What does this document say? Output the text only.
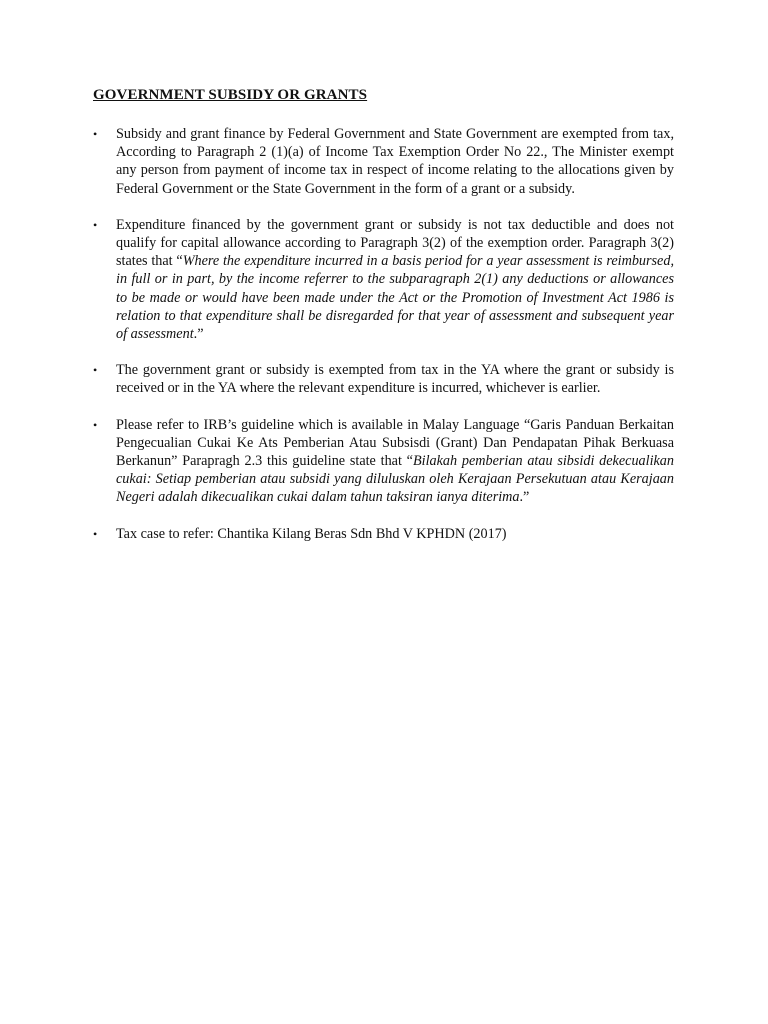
GOVERNMENT SUBSIDY OR GRANTS
•	Subsidy and grant finance by Federal Government and State Government are exempted from tax, According to Paragraph 2 (1)(a) of Income Tax Exemption Order No 22., The Minister exempt any person from payment of income tax in respect of income relating to the allocations given by Federal Government or the State Government in the form of a grant or a subsidy.
•	Expenditure financed by the government grant or subsidy is not tax deductible and does not qualify for capital allowance according to Paragraph 3(2) of the exemption order. Paragraph 3(2) states that “Where the expenditure incurred in a basis period for a year assessment is reimbursed, in full or in part, by the income referrer to the subparagraph 2(1) any deductions or allowances to be made or would have been made under the Act or the Promotion of Investment Act 1986 is relation to that expenditure shall be disregarded for that year of assessment and subsequent year of assessment.”
•	The government grant or subsidy is exempted from tax in the YA where the grant or subsidy is received or in the YA where the relevant expenditure is incurred, whichever is earlier.
•	Please refer to IRB’s guideline which is available in Malay Language “Garis Panduan Berkaitan Pengecualian Cukai Ke Ats Pemberian Atau Subsisdi (Grant) Dan Pendapatan Pihak Berkuasa Berkanun” Parapragh 2.3 this guideline state that “Bilakah pemberian atau sibsidi dekecualikan cukai: Setiap pemberian atau subsidi yang diluluskan oleh Kerajaan Persekutuan atau Kerajaan Negeri adalah dikecualikan cukai dalam tahun taksiran ianya diterima.”
•	Tax case to refer: Chantika Kilang Beras Sdn Bhd V KPHDN (2017)
